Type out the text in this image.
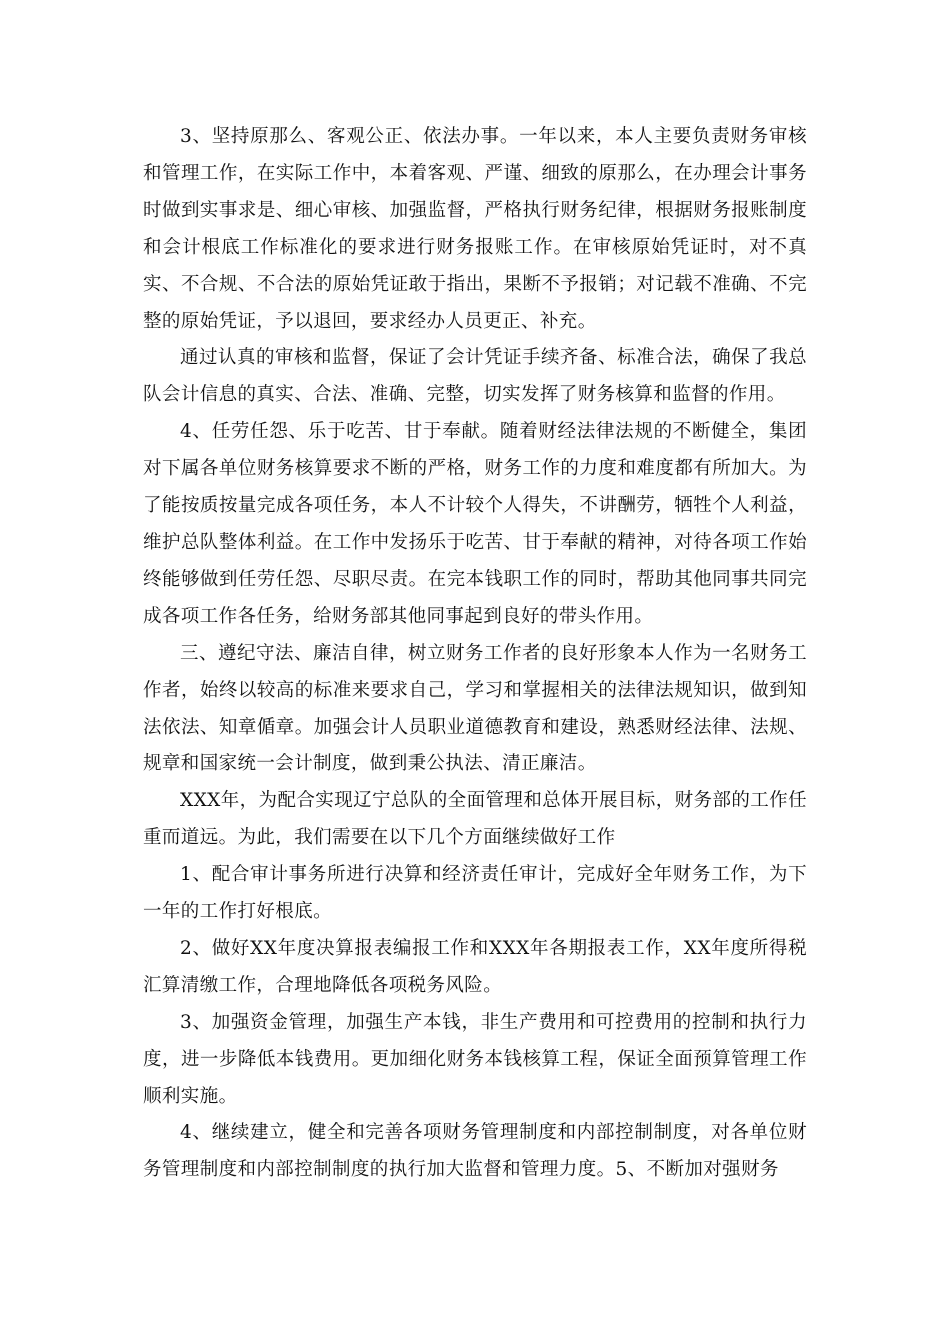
3、坚持原那么、客观公正、依法办事。一年以来，本人主要负责财务审核和管理工作，在实际工作中，本着客观、严谨、细致的原那么，在办理会计事务时做到实事求是、细心审核、加强监督，严格执行财务纪律，根据财务报账制度和会计根底工作标准化的要求进行财务报账工作。在审核原始凭证时，对不真实、不合规、不合法的原始凭证敢于指出，果断不予报销；对记载不准确、不完整的原始凭证，予以退回，要求经办人员更正、补充。

通过认真的审核和监督，保证了会计凭证手续齐备、标准合法，确保了我总队会计信息的真实、合法、准确、完整，切实发挥了财务核算和监督的作用。

4、任劳任怨、乐于吃苦、甘于奉献。随着财经法律法规的不断健全，集团对下属各单位财务核算要求不断的严格，财务工作的力度和难度都有所加大。为了能按质按量完成各项任务，本人不计较个人得失，不讲酬劳，牺牲个人利益，维护总队整体利益。在工作中发扬乐于吃苦、甘于奉献的精神，对待各项工作始终能够做到任劳任怨、尽职尽责。在完本钱职工作的同时，帮助其他同事共同完成各项工作各任务，给财务部其他同事起到良好的带头作用。

三、遵纪守法、廉洁自律，树立财务工作者的良好形象本人作为一名财务工作者，始终以较高的标准来要求自己，学习和掌握相关的法律法规知识，做到知法依法、知章偱章。加强会计人员职业道德教育和建设，熟悉财经法律、法规、规章和国家统一会计制度，做到秉公执法、清正廉洁。

XXX年，为配合实现辽宁总队的全面管理和总体开展目标，财务部的工作任重而道远。为此，我们需要在以下几个方面继续做好工作

1、配合审计事务所进行决算和经济责任审计，完成好全年财务工作，为下一年的工作打好根底。

2、做好XX年度决算报表编报工作和XXX年各期报表工作，XX年度所得税汇算清缴工作，合理地降低各项税务风险。

3、加强资金管理，加强生产本钱，非生产费用和可控费用的控制和执行力度，进一步降低本钱费用。更加细化财务本钱核算工程，保证全面预算管理工作顺利实施。

4、继续建立，健全和完善各项财务管理制度和内部控制制度，对各单位财务管理制度和内部控制制度的执行加大监督和管理力度。5、不断加对强财务
